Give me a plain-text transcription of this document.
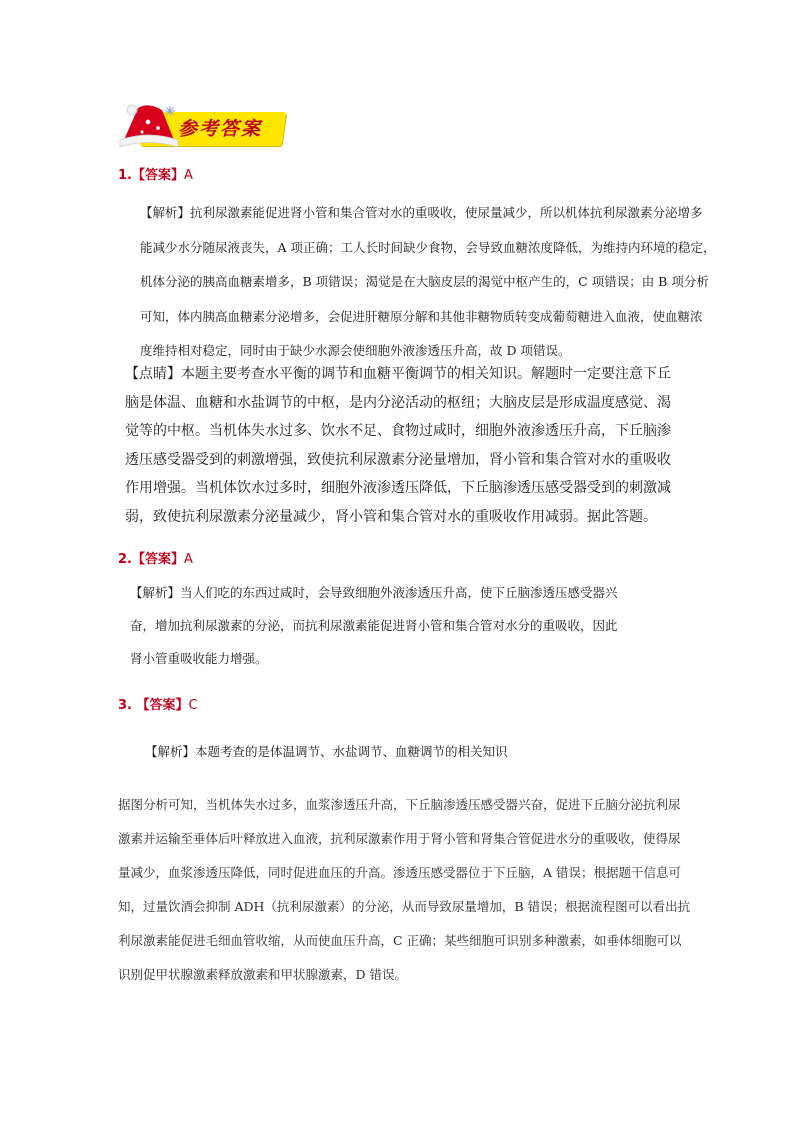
参考答案
1.【答案】A

【解析】抗利尿激素能促进肾小管和集合管对水的重吸收，使尿量减少，所以机体抗利尿激素分泌增多

能减少水分随尿液丧失，A 项正确；工人长时间缺少食物，会导致血糖浓度降低，为维持内环境的稳定，

机体分泌的胰高血糖素增多，B 项错误；渴觉是在大脑皮层的渴觉中枢产生的，C 项错误；由 B 项分析

可知，体内胰高血糖素分泌增多，会促进肝糖原分解和其他非糖物质转变成葡萄糖进入血液，使血糖浓

度维持相对稳定，同时由于缺少水源会使细胞外液渗透压升高，故 D 项错误。

【点睛】本题主要考查水平衡的调节和血糖平衡调节的相关知识。解题时一定要注意下丘

脑是体温、血糖和水盐调节的中枢，是内分泌活动的枢纽；大脑皮层是形成温度感觉、渴

觉等的中枢。当机体失水过多、饮水不足、食物过咸时，细胞外液渗透压升高，下丘脑渗

透压感受器受到的刺激增强，致使抗利尿激素分泌量增加，肾小管和集合管对水的重吸收

作用增强。当机体饮水过多时，细胞外液渗透压降低，下丘脑渗透压感受器受到的刺激减

弱，致使抗利尿激素分泌量减少，肾小管和集合管对水的重吸收作用减弱。据此答题。

2.【答案】A

【解析】当人们吃的东西过咸时，会导致细胞外液渗透压升高，使下丘脑渗透压感受器兴

奋，增加抗利尿激素的分泌，而抗利尿激素能促进肾小管和集合管对水分的重吸收，因此

肾小管重吸收能力增强。

3. 【答案】C

【解析】本题考查的是体温调节、水盐调节、血糖调节的相关知识

据图分析可知，当机体失水过多，血浆渗透压升高，下丘脑渗透压感受器兴奋，促进下丘脑分泌抗利尿

激素并运输至垂体后叶释放进入血液，抗利尿激素作用于肾小管和肾集合管促进水分的重吸收，使得尿

量减少，血浆渗透压降低，同时促进血压的升高。渗透压感受器位于下丘脑，A 错误；根据题干信息可

知，过量饮酒会抑制 ADH（抗利尿激素）的分泌，从而导致尿量增加，B 错误；根据流程图可以看出抗

利尿激素能促进毛细血管收缩，从而使血压升高，C 正确；某些细胞可识别多种激素，如垂体细胞可以

识别促甲状腺激素释放激素和甲状腺激素，D 错误。
